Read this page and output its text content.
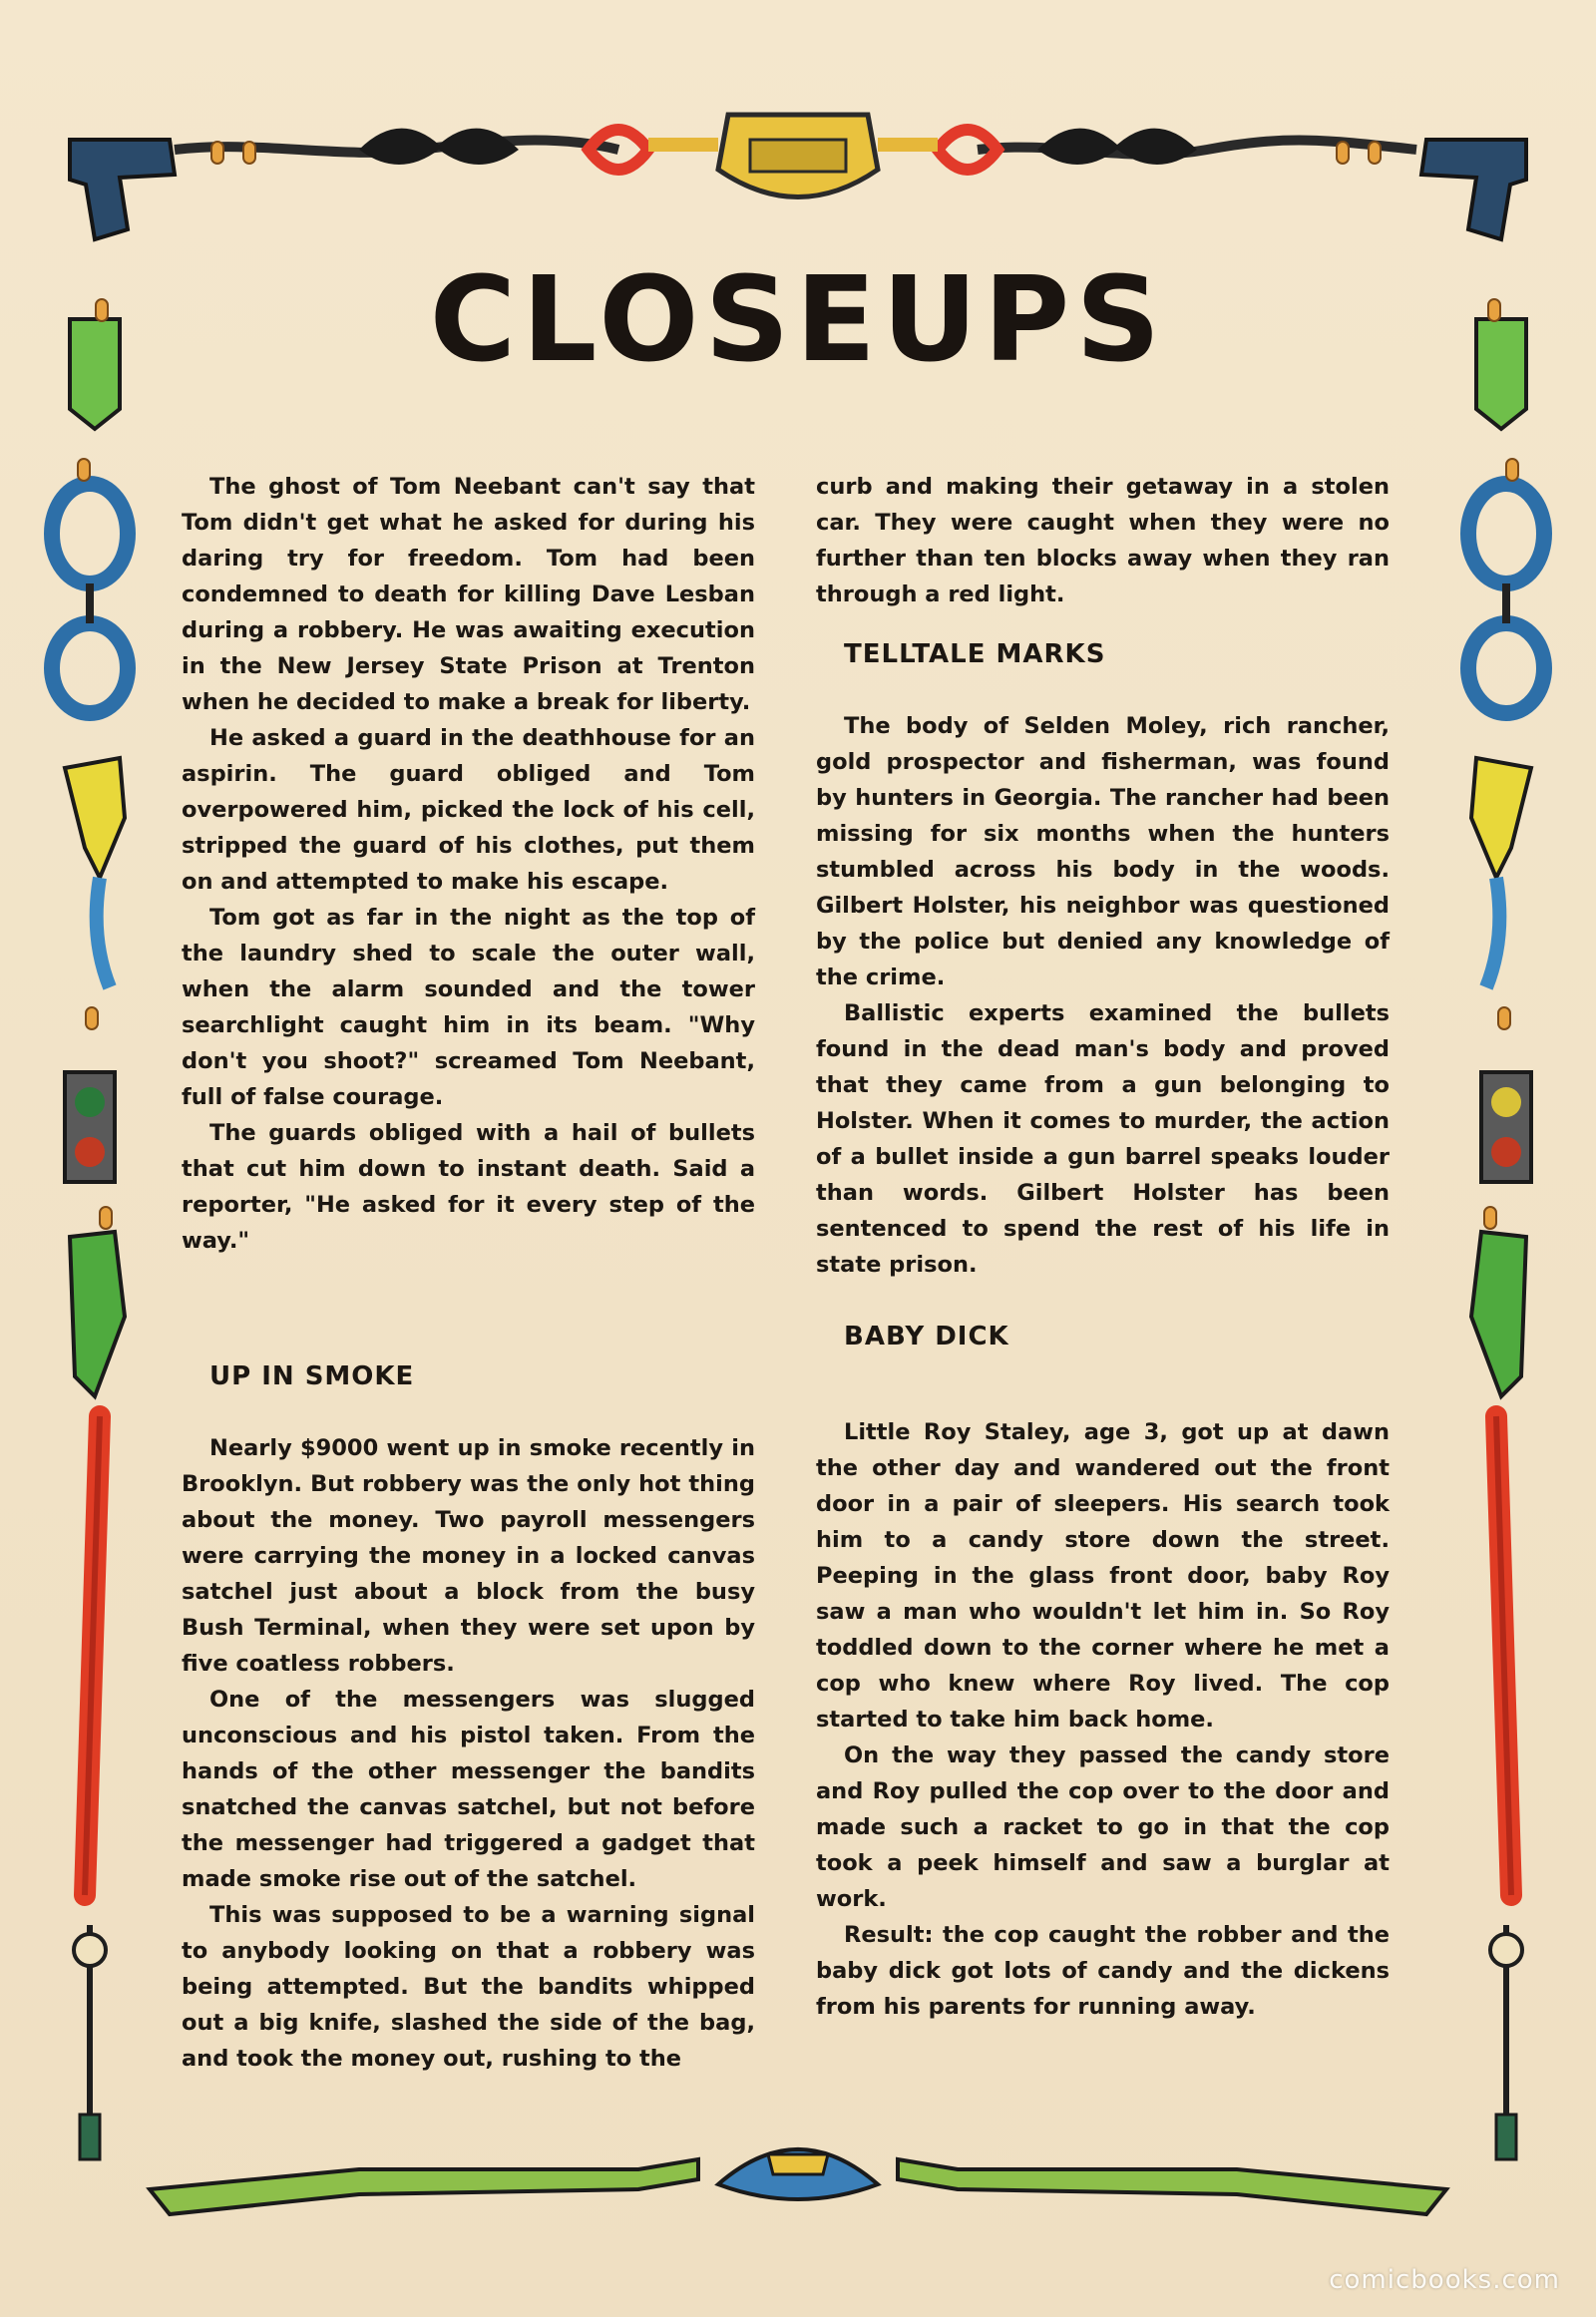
CLOSEUPS

The ghost of Tom Neebant can't say that Tom didn't get what he asked for during his daring try for freedom. Tom had been condemned to death for killing Dave Lesban during a robbery. He was awaiting execution in the New Jersey State Prison at Trenton when he decided to make a break for liberty.

He asked a guard in the deathhouse for an aspirin. The guard obliged and Tom overpowered him, picked the lock of his cell, stripped the guard of his clothes, put them on and attempted to make his escape.

Tom got as far in the night as the top of the laundry shed to scale the outer wall, when the alarm sounded and the tower searchlight caught him in its beam. "Why don't you shoot?" screamed Tom Neebant, full of false courage.

The guards obliged with a hail of bullets that cut him down to instant death. Said a reporter, "He asked for it every step of the way."

UP IN SMOKE

Nearly $9000 went up in smoke recently in Brooklyn. But robbery was the only hot thing about the money. Two payroll messengers were carrying the money in a locked canvas satchel just about a block from the busy Bush Terminal, when they were set upon by five coatless robbers.

One of the messengers was slugged unconscious and his pistol taken. From the hands of the other messenger the bandits snatched the canvas satchel, but not before the messenger had triggered a gadget that made smoke rise out of the satchel.

This was supposed to be a warning signal to anybody looking on that a robbery was being attempted. But the bandits whipped out a big knife, slashed the side of the bag, and took the money out, rushing to the

curb and making their getaway in a stolen car. They were caught when they were no further than ten blocks away when they ran through a red light.

TELLTALE MARKS

The body of Selden Moley, rich rancher, gold prospector and fisherman, was found by hunters in Georgia. The rancher had been missing for six months when the hunters stumbled across his body in the woods. Gilbert Holster, his neighbor was questioned by the police but denied any knowledge of the crime.

Ballistic experts examined the bullets found in the dead man's body and proved that they came from a gun belonging to Holster. When it comes to murder, the action of a bullet inside a gun barrel speaks louder than words. Gilbert Holster has been sentenced to spend the rest of his life in state prison.

BABY DICK

Little Roy Staley, age 3, got up at dawn the other day and wandered out the front door in a pair of sleepers. His search took him to a candy store down the street. Peeping in the glass front door, baby Roy saw a man who wouldn't let him in. So Roy toddled down to the corner where he met a cop who knew where Roy lived. The cop started to take him back home.

On the way they passed the candy store and Roy pulled the cop over to the door and made such a racket to go in that the cop took a peek himself and saw a burglar at work.

Result: the cop caught the robber and the baby dick got lots of candy and the dickens from his parents for running away.

comicbooks.com
